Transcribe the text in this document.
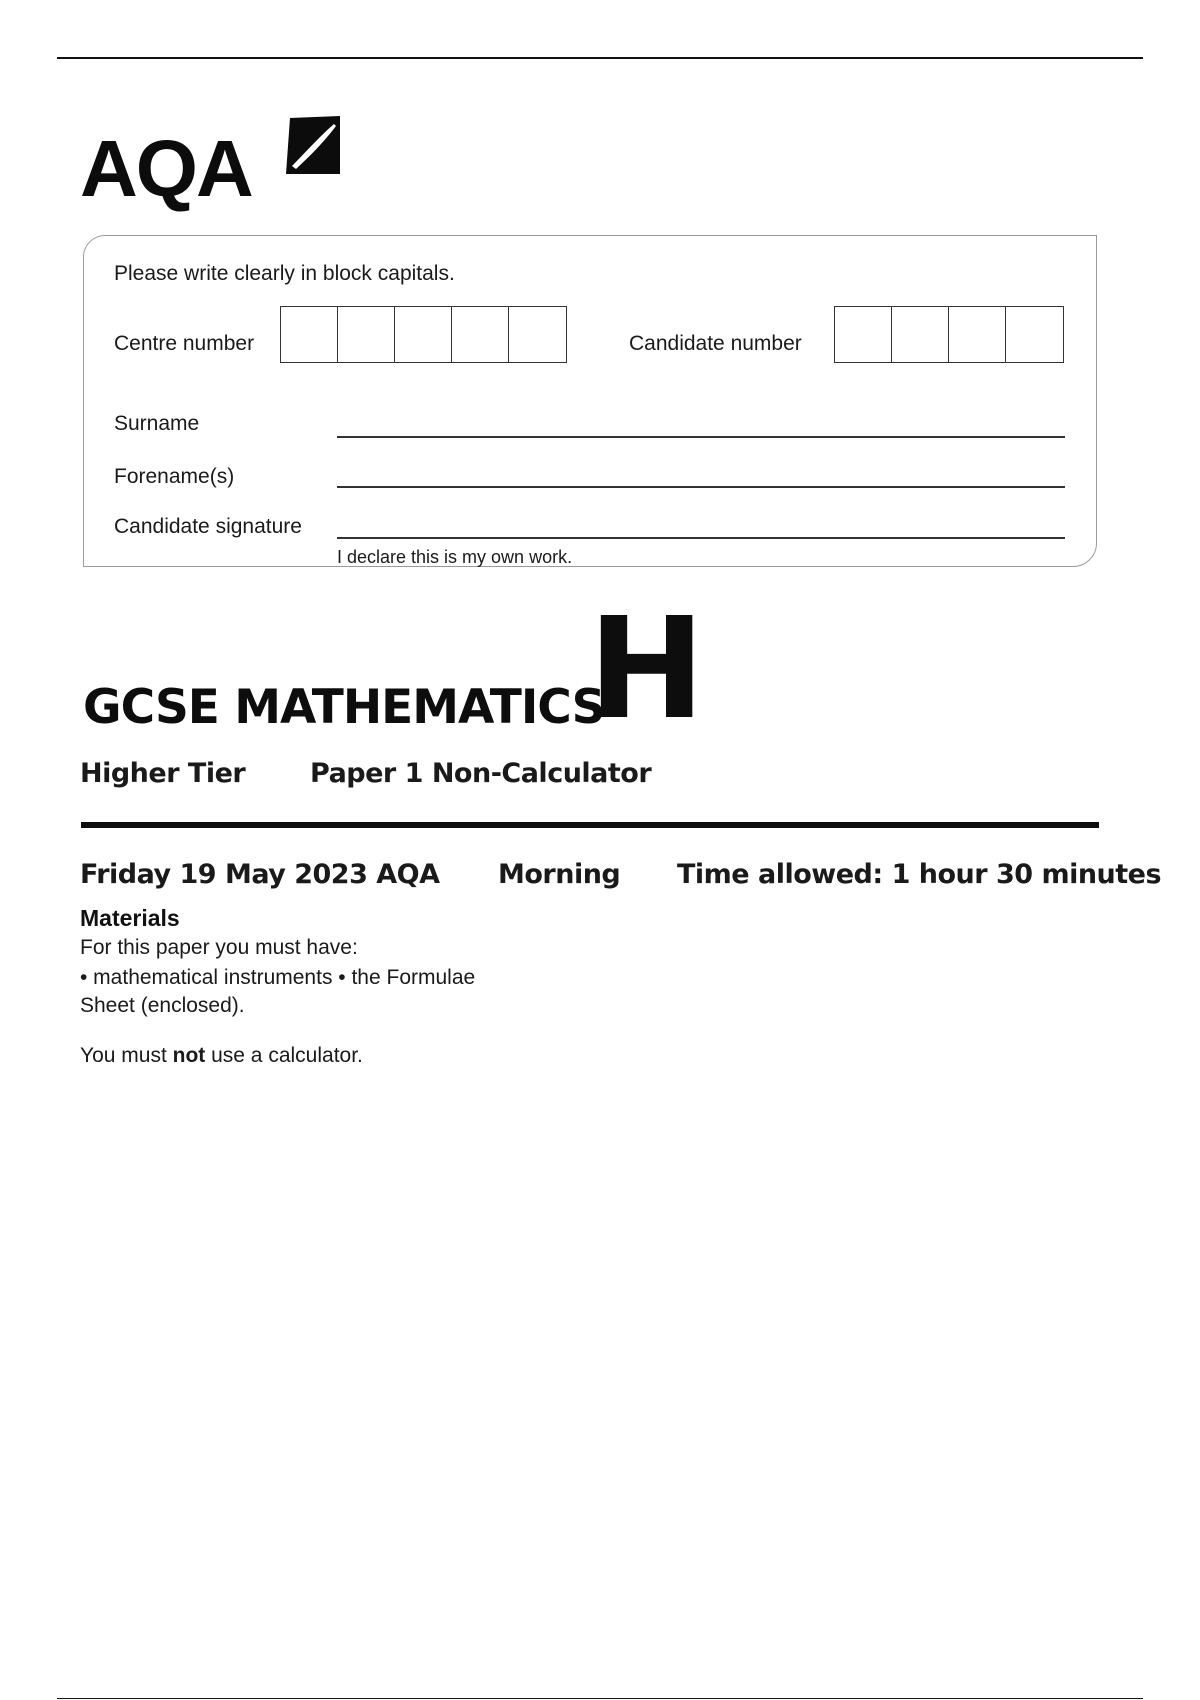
AQA
Please write clearly in block capitals.
Centre number	Candidate number
Surname
Forename(s)
Candidate signature
I declare this is my own work.
GCSE MATHEMATICS
H
Higher Tier Paper 1 Non-Calculator
Friday 19 May 2023 AQA Morning Time allowed: 1 hour 30 minutes
Materials
For this paper you must have:
• mathematical instruments • the Formulae
Sheet (enclosed).
You must not use a calculator.
